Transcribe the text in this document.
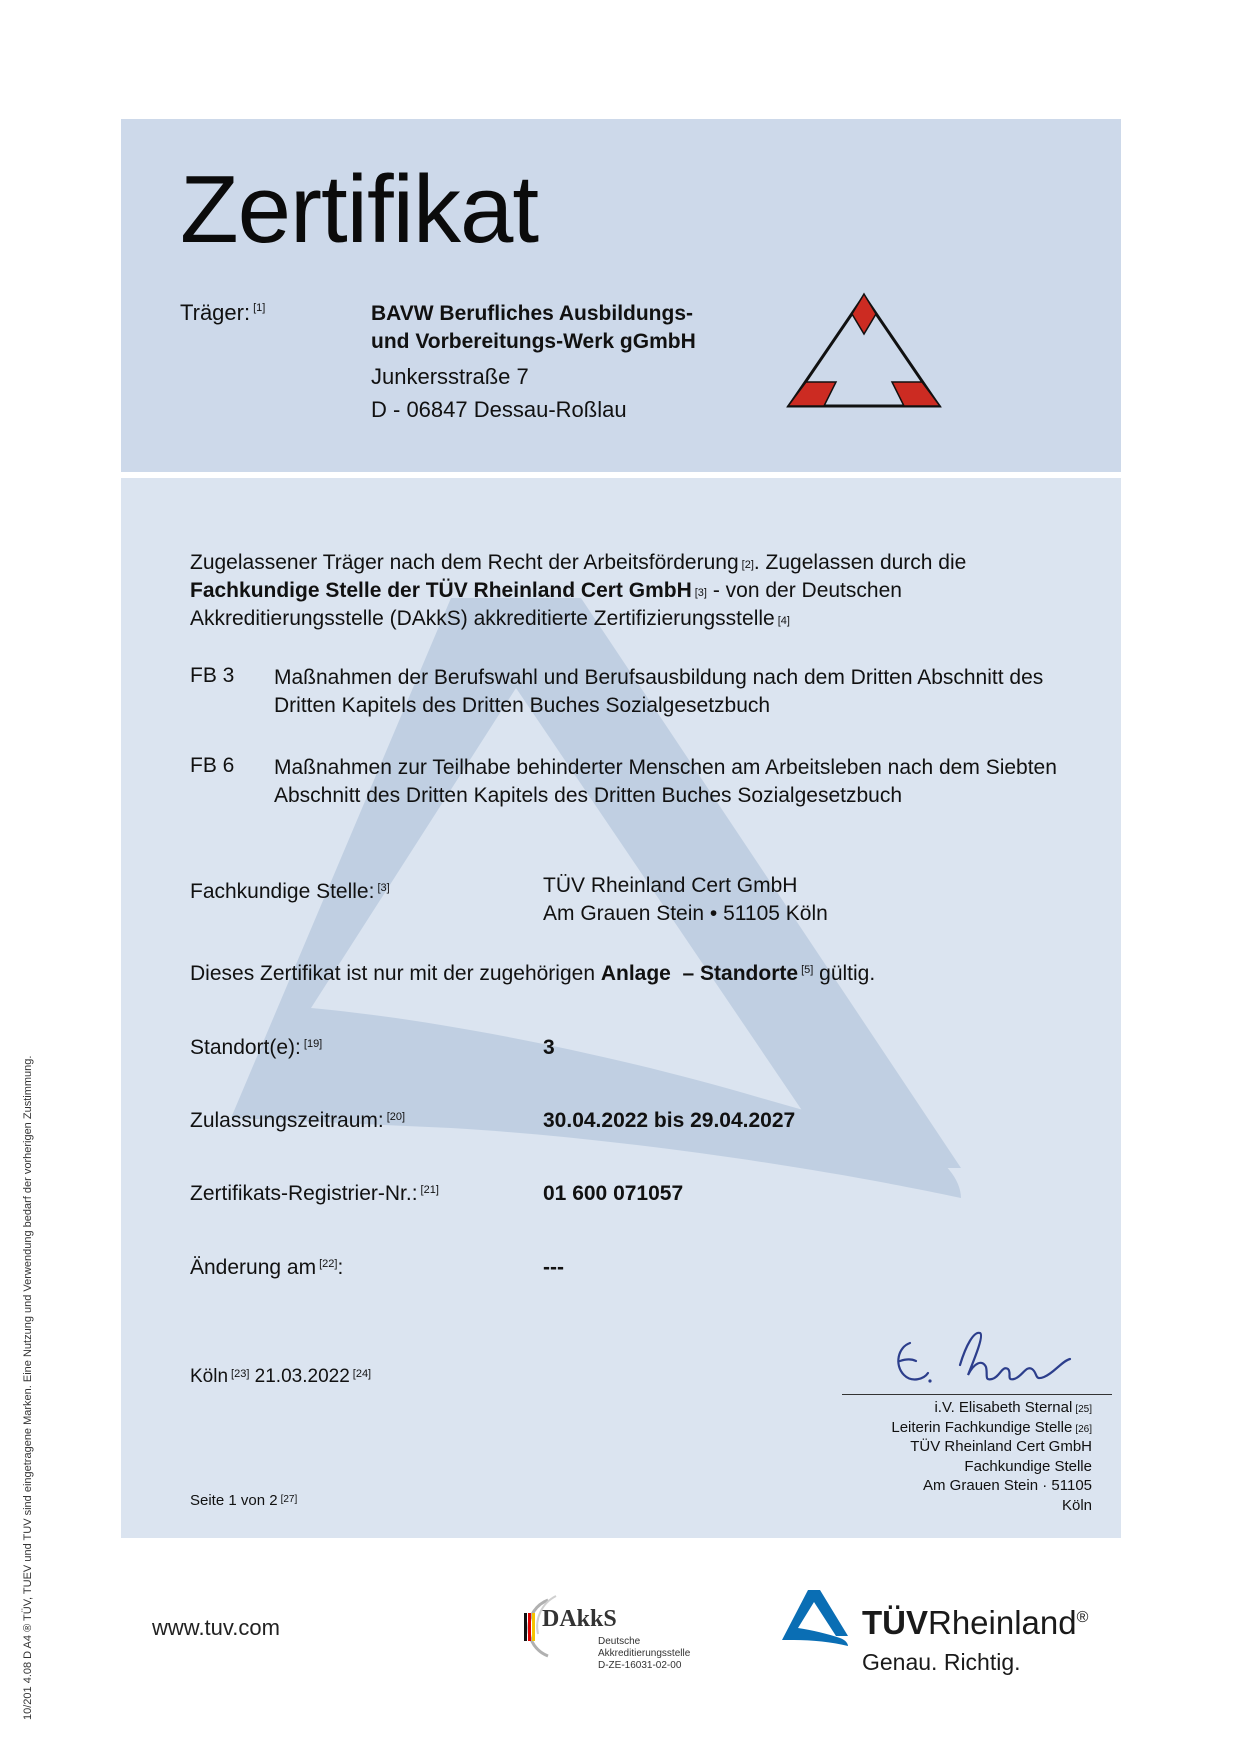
Zertifikat
Träger: [1]	BAVW Berufliches Ausbildungs-
und Vorbereitungs-Werk gGmbH
Junkersstraße 7
D - 06847 Dessau-Roßlau
Zugelassener Träger nach dem Recht der Arbeitsförderung [2]. Zugelassen durch die
Fachkundige Stelle der TÜV Rheinland Cert GmbH [3] - von der Deutschen Akkreditierungsstelle (DAkkS) akkreditierte Zertifizierungsstelle [4]
FB 3 Maßnahmen der Berufswahl und Berufsausbildung nach dem Dritten Abschnitt des Dritten Kapitels des Dritten Buches Sozialgesetzbuch
FB 6 Maßnahmen zur Teilhabe behinderter Menschen am Arbeitsleben nach dem Siebten Abschnitt des Dritten Kapitels des Dritten Buches Sozialgesetzbuch
Fachkundige Stelle: [3]	TÜV Rheinland Cert GmbH
Am Grauen Stein • 51105 Köln
Dieses Zertifikat ist nur mit der zugehörigen Anlage – Standorte [5] gültig.
Standort(e): [19]	3
Zulassungszeitraum: [20]	30.04.2022 bis 29.04.2027
Zertifikats-Registrier-Nr.: [21]	01 600 071057
Änderung am [22]:	---
Köln [23] 21.03.2022 [24]
i.V. Elisabeth Sternal [25]
Leiterin Fachkundige Stelle [26]
TÜV Rheinland Cert GmbH
Fachkundige Stelle
Am Grauen Stein · 51105
Köln
Seite 1 von 2 [27]
10/201 4.08 D A4 ® TÜV, TUEV und TUV sind eingetragene Marken. Eine Nutzung und Verwendung bedarf der vorherigen Zustimmung.	www.tuv.com	DAkkS
Deutsche
Akkreditierungsstelle
D-ZE-16031-02-00
TÜVRheinland®
Genau. Richtig.
